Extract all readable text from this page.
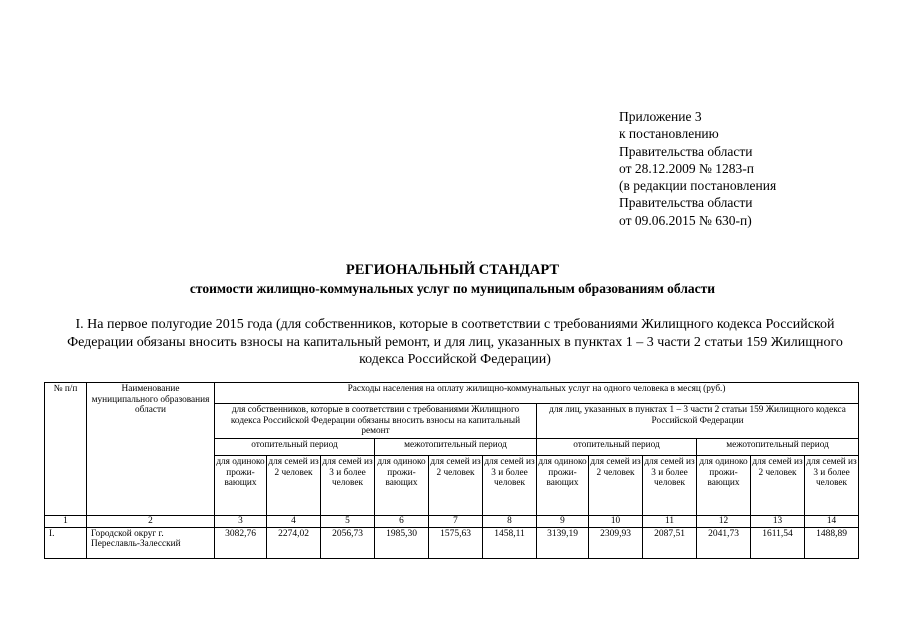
Приложение 3
к постановлению
Правительства области
от 28.12.2009 № 1283-п
(в редакции постановления
Правительства области
от 09.06.2015 № 630-п)
РЕГИОНАЛЬНЫЙ СТАНДАРТ
стоимости жилищно-коммунальных услуг по муниципальным образованиям области
I. На первое полугодие 2015 года (для собственников, которые в соответствии с требованиями Жилищного кодекса Российской Федерации обязаны вносить взносы на капитальный ремонт, и для лиц, указанных в пунктах 1 – 3 части 2 статьи 159 Жилищного кодекса Российской Федерации)
№ п/п	Наименование муниципального образования области	Расходы населения на оплату жилищно-коммунальных услуг на одного человека в месяц (руб.)											
		для собственников, которые в соответствии с требованиями Жилищного кодекса Российской Федерации обязаны вносить взносы на капитальный ремонт						для лиц, указанных в пунктах 1 – 3 части 2 статьи 159 Жилищного кодекса Российской Федерации					
		отопительный период			межотопительный период			отопительный период			межотопительный период		
		для одиноко прожи-вающих	для семей из 2 человек	для семей из 3 и более человек	для одиноко прожи-вающих	для семей из 2 человек	для семей из 3 и более человек	для одиноко прожи-вающих	для семей из 2 человек	для семей из 3 и более человек	для одиноко прожи-вающих	для семей из 2 человек	для семей из 3 и более человек
1	2	3	4	5	6	7	8	9	10	11	12	13	14
I.	Городской округ г. Переславль-Залесский	3082,76	2274,02	2056,73	1985,30	1575,63	1458,11	3139,19	2309,93	2087,51	2041,73	1611,54	1488,89
